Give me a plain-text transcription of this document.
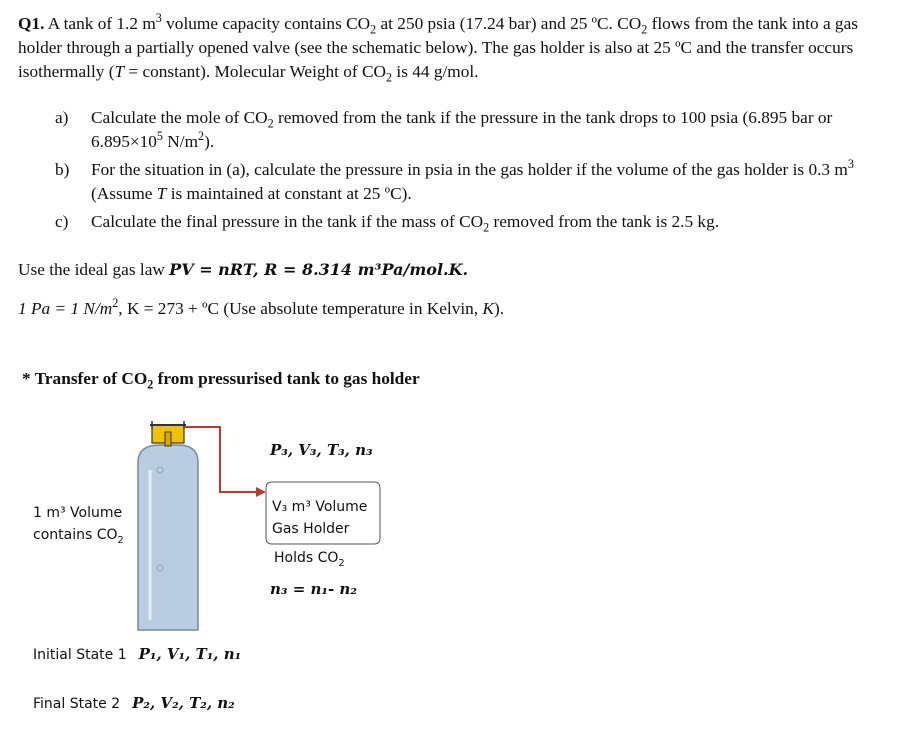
Q1. A tank of 1.2 $m^3$ volume capacity contains $CO_2$ at 250 psia (17.24 bar) and 25 ºC. $CO_2$ flows from the tank into a gas holder through a partially opened valve (see the schematic below). The gas holder is also at 25 ºC and the transfer occurs isothermally (T = constant). Molecular Weight of $CO_2$ is 44 g/mol.
a) Calculate the mole of $CO_2$ removed from the tank if the pressure in the tank drops to 100 psia (6.895 bar or $6.895\times 10^5$ $N/m^2$).
b) For the situation in (a), calculate the pressure in psia in the gas holder if the volume of the gas holder is 0.3 $m^3$ (Assume T is maintained at constant at 25 ºC).
c) Calculate the final pressure in the tank if the mass of $CO_2$ removed from the tank is 2.5 kg.
Use the ideal gas law PV = nRT, R = 8.314 m³Pa/mol.K.
1 Pa = 1 $N/m^2$, K = 273 + ºC (Use absolute temperature in Kelvin, K).
* Transfer of $CO_2$ from pressurised tank to gas holder
P₃, V₃, T₃, n₃
1 m³ Volume
contains $CO_2$
V₃ m³ Volume
Gas Holder
Holds $CO_2$
n₃ = n₁- n₂
Initial State 1 P₁, V₁, T₁, n₁
Final State 2 P₂, V₂, T₂, n₂
